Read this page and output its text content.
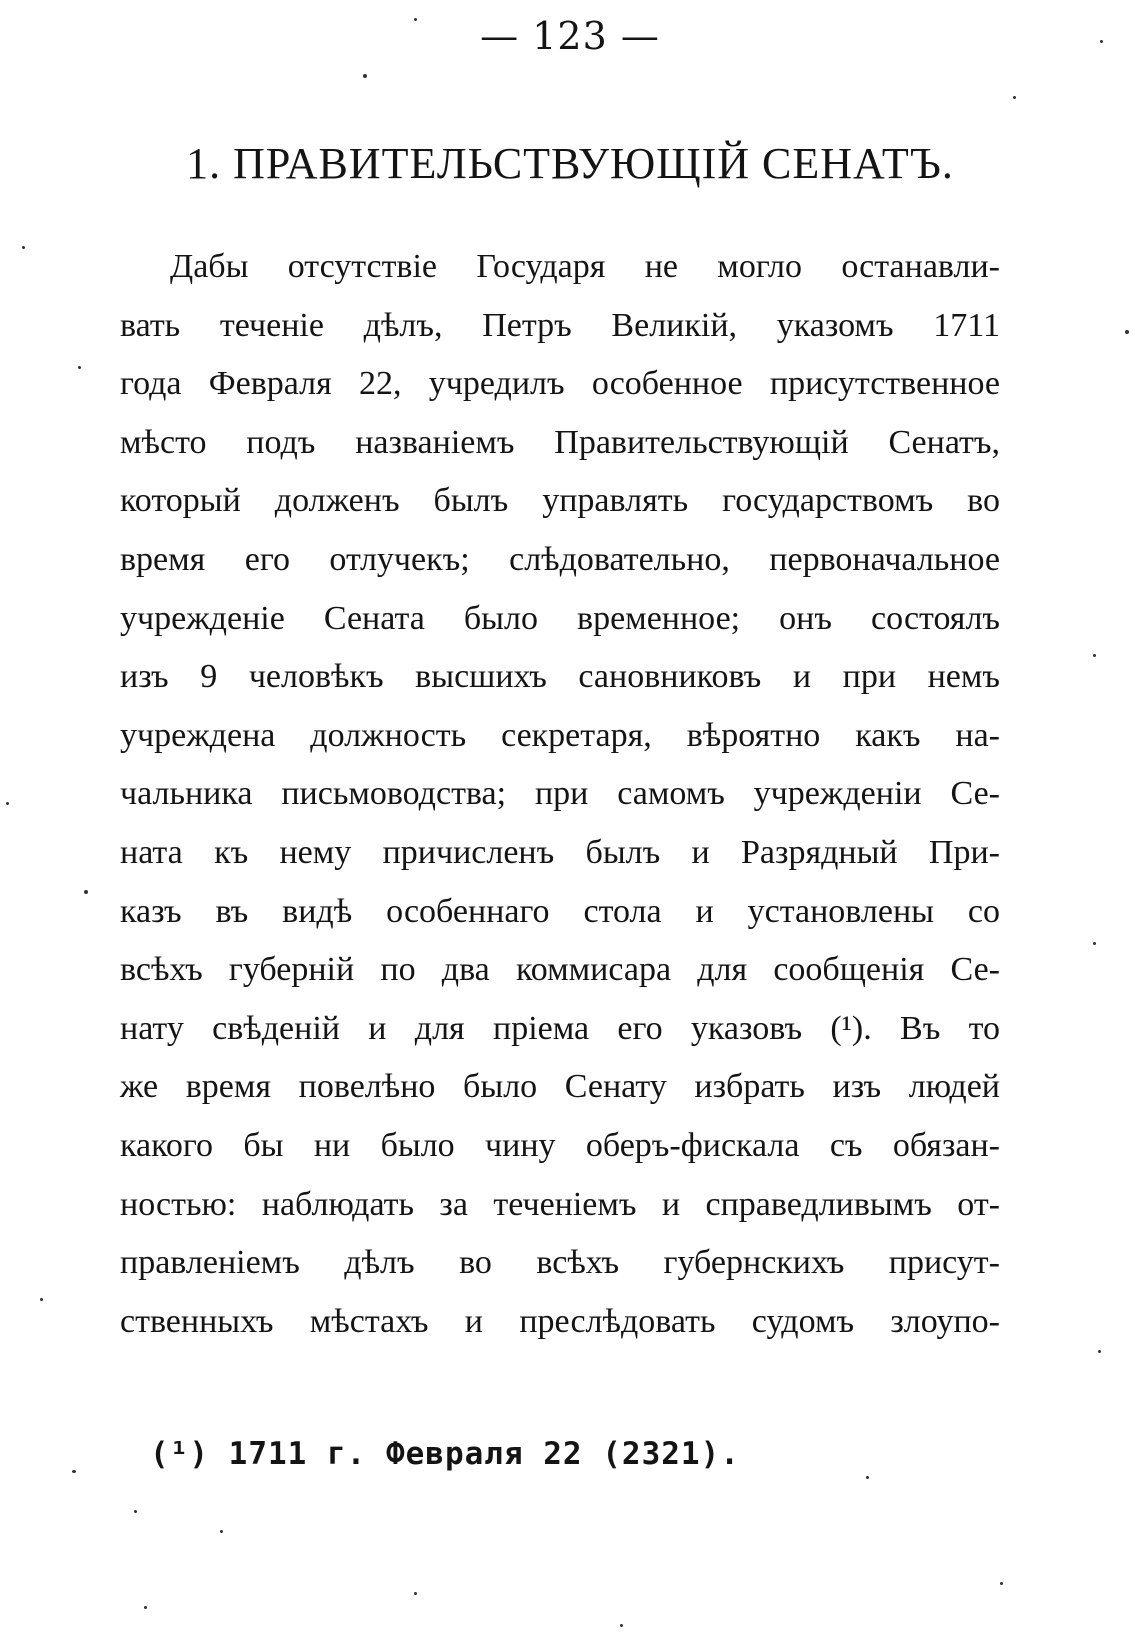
— 123 —
1. ПРАВИТЕЛЬСТВУЮЩІЙ СЕНАТЪ.
Дабы отсутствіе Государя не могло останавли-
вать теченіе дѣлъ, Петръ Великій, указомъ 1711
года Февраля 22, учредилъ особенное присутственное
мѣсто подъ названіемъ Правительствующій Сенатъ,
который долженъ былъ управлять государствомъ во
время его отлучекъ; слѣдовательно, первоначальное
учрежденіе Сената было временное; онъ состоялъ
изъ 9 человѣкъ высшихъ сановниковъ и при немъ
учреждена должность секретаря, вѣроятно какъ на-
чальника письмоводства; при самомъ учрежденіи Се-
ната къ нему причисленъ былъ и Разрядный При-
казъ въ видѣ особеннаго стола и установлены со
всѣхъ губерній по два коммисара для сообщенія Се-
нату свѣденій и для пріема его указовъ (¹). Въ то
же время повелѣно было Сенату избрать изъ людей
какого бы ни было чину оберъ-фискала съ обязан-
ностью: наблюдать за теченіемъ и справедливымъ от-
правленіемъ дѣлъ во всѣхъ губернскихъ присут-
ственныхъ мѣстахъ и преслѣдовать судомъ злоупо-
(¹) 1711 г. Февраля 22 (2321).
